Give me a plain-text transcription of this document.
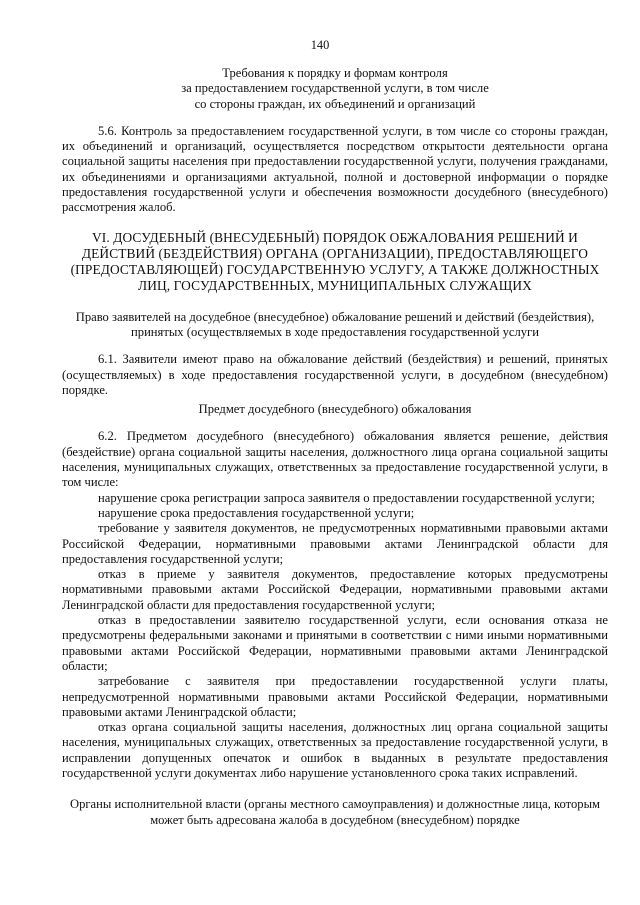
140
Требования к порядку и формам контроля
за предоставлением государственной услуги, в том числе
со стороны граждан, их объединений и организаций

5.6. Контроль за предоставлением государственной услуги, в том числе со стороны граждан, их объединений и организаций, осуществляется посредством открытости деятельности органа социальной защиты населения при предоставлении государственной услуги, получения гражданами, их объединениями и организациями актуальной, полной и достоверной информации о порядке предоставления государственной услуги и обеспечения возможности досудебного (внесудебного) рассмотрения жалоб.

VI. ДОСУДЕБНЫЙ (ВНЕСУДЕБНЫЙ) ПОРЯДОК ОБЖАЛОВАНИЯ РЕШЕНИЙ И ДЕЙСТВИЙ (БЕЗДЕЙСТВИЯ) ОРГАНА (ОРГАНИЗАЦИИ), ПРЕДОСТАВЛЯЮЩЕГО (ПРЕДОСТАВЛЯЮЩЕЙ) ГОСУДАРСТВЕННУЮ УСЛУГУ, А ТАКЖЕ ДОЛЖНОСТНЫХ ЛИЦ, ГОСУДАРСТВЕННЫХ, МУНИЦИПАЛЬНЫХ СЛУЖАЩИХ
Право заявителей на досудебное (внесудебное) обжалование решений и действий (бездействия), принятых (осуществляемых в ходе предоставления государственной услуги

6.1. Заявители имеют право на обжалование действий (бездействия) и решений, принятых (осуществляемых) в ходе предоставления государственной услуги, в досудебном (внесудебном) порядке.

Предмет досудебного (внесудебного) обжалования

6.2. Предметом досудебного (внесудебного) обжалования является решение, действия (бездействие) органа социальной защиты населения, должностного лица органа социальной защиты населения, муниципальных служащих, ответственных за предоставление государственной услуги, в том числе:

нарушение срока регистрации запроса заявителя о предоставлении государственной услуги;
нарушение срока предоставления государственной услуги;
требование у заявителя документов, не предусмотренных нормативными правовыми актами Российской Федерации, нормативными правовыми актами Ленинградской области для предоставления государственной услуги;
отказ в приеме у заявителя документов, предоставление которых предусмотрены нормативными правовыми актами Российской Федерации, нормативными правовыми актами Ленинградской области для предоставления государственной услуги;
отказ в предоставлении заявителю государственной услуги, если основания отказа не предусмотрены федеральными законами и принятыми в соответствии с ними иными нормативными правовыми актами Российской Федерации, нормативными правовыми актами Ленинградской области;
затребование с заявителя при предоставлении государственной услуги платы, непредусмотренной нормативными правовыми актами Российской Федерации, нормативными правовыми актами Ленинградской области;
отказ органа социальной защиты населения, должностных лиц органа социальной защиты населения, муниципальных служащих, ответственных за предоставление государственной услуги, в исправлении допущенных опечаток и ошибок в выданных в результате предоставления государственной услуги документах либо нарушение установленного срока таких исправлений.
Органы исполнительной власти (органы местного самоуправления) и должностные лица, которым может быть адресована жалоба в досудебном (внесудебном) порядке
